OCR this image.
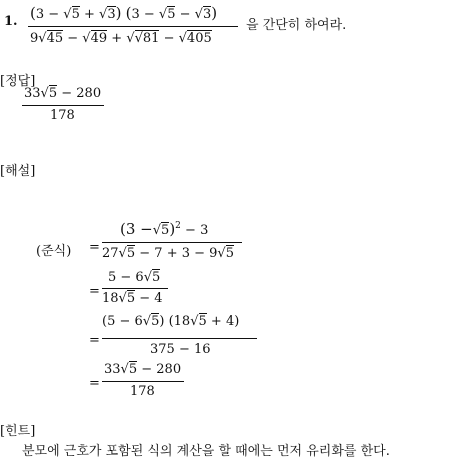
1. (3 − √5 + √3) (3 − √5 − √3)
9√45 − √49 + √√81 − √405
을 간단히 하여라.
[정답]
33√5 − 280
178
[해설]
(준식) =
$(3 -√5)^2 - 3$
27√5 − 7 + 3 − 9√5
=
5 − 6√5
18√5 − 4
=
(5 − 6√5) (18√5 + 4)
375 − 16
=
33√5 − 280
178
[힌트]
분모에 근호가 포함된 식의 계산을 할 때에는 먼저 유리화를 한다.
